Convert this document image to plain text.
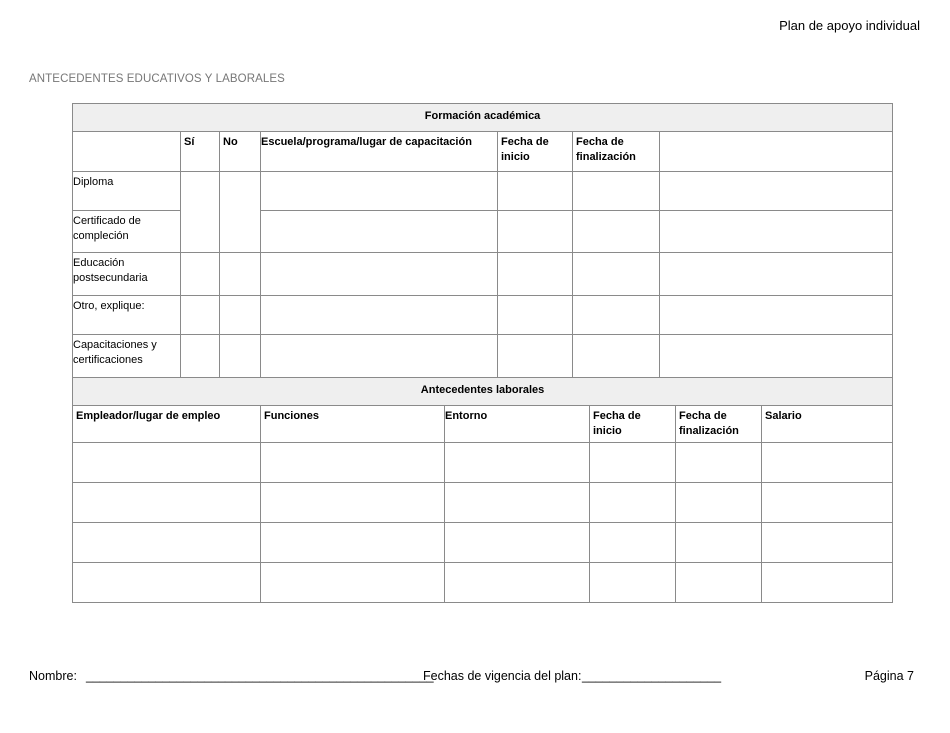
Plan de apoyo individual
ANTECEDENTES EDUCATIVOS Y LABORALES
Formación académica										
	Sí	No	Escuela/programa/lugar de capacitación		Fecha de inicio	Fecha de finalización				
Diploma										
Certificado de compleción										
Educación postsecundaria										
Otro, explique:										
Capacitaciones y certificaciones										
Antecedentes laborales										
Empleador/lugar de empleo			Funciones	Entorno			Fecha de inicio		Fecha de finalización	Salario

Nombre: __________________________________________________
Fechas de vigencia del plan: ____________________	Página 7
